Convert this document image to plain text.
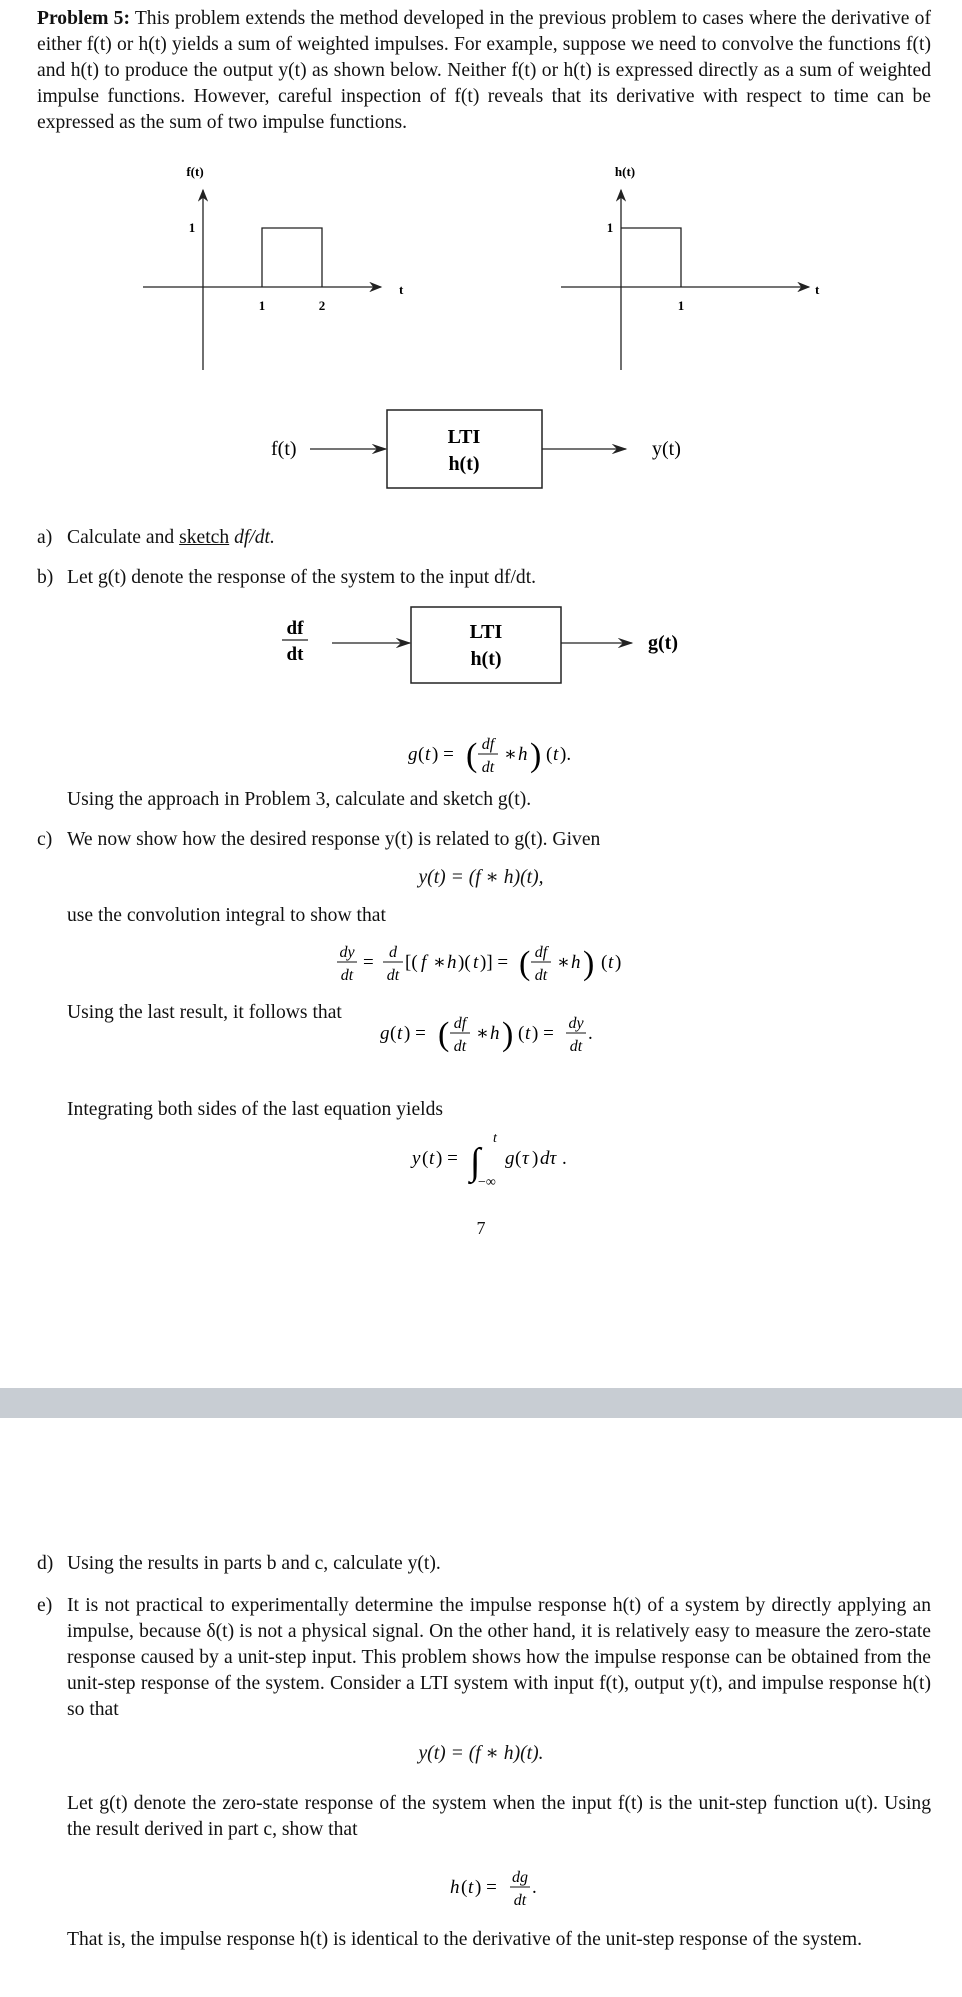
Problem 5: This problem extends the method developed in the previous problem to cases where the derivative of either f(t) or h(t) yields a sum of weighted impulses. For example, suppose we need to convolve the functions f(t) and h(t) to produce the output y(t) as shown below. Neither f(t) or h(t) is expressed directly as a sum of weighted impulse functions. However, careful inspection of f(t) reveals that its derivative with respect to time can be expressed as the sum of two impulse functions.
f(t)
t
1
1	2
h(t)
t
1
1
f(t)
LTI
h(t)
y(t)
a) Calculate and sketch df/dt.
b) Let g(t) denote the response of the system to the input df/dt.
df
dt
LTI
h(t)
g(t)
g ( t ) = ( df
dt
∗ h ) ( t ).
Using the approach in Problem 3, calculate and sketch g(t).
c) We now show how the desired response y(t) is related to g(t). Given
y(t) = (f ∗ h)(t),
use the convolution integral to show that
dy
dt
= d
dt
[( f ∗ h )( t )] = ( df
dt
∗ h ) ( t )
Using the last result, it follows that
g ( t ) = ( df
dt
∗ h ) ( t ) = dy
dt
.
Integrating both sides of the last equation yields
y ( t ) = ∫
t
−∞
g ( τ ) dτ .
7
d) Using the results in parts b and c, calculate y(t).
e) It is not practical to experimentally determine the impulse response h(t) of a system by directly applying an impulse, because δ(t) is not a physical signal. On the other hand, it is relatively easy to measure the zero-state response caused by a unit-step input. This problem shows how the impulse response can be obtained from the unit-step response of the system. Consider a LTI system with input f(t), output y(t), and impulse response h(t) so that
y(t) = (f ∗ h)(t).
Let g(t) denote the zero-state response of the system when the input f(t) is the unit-step function u(t). Using the result derived in part c, show that
h ( t ) = dg
dt
.
That is, the impulse response h(t) is identical to the derivative of the unit-step response of the system.
